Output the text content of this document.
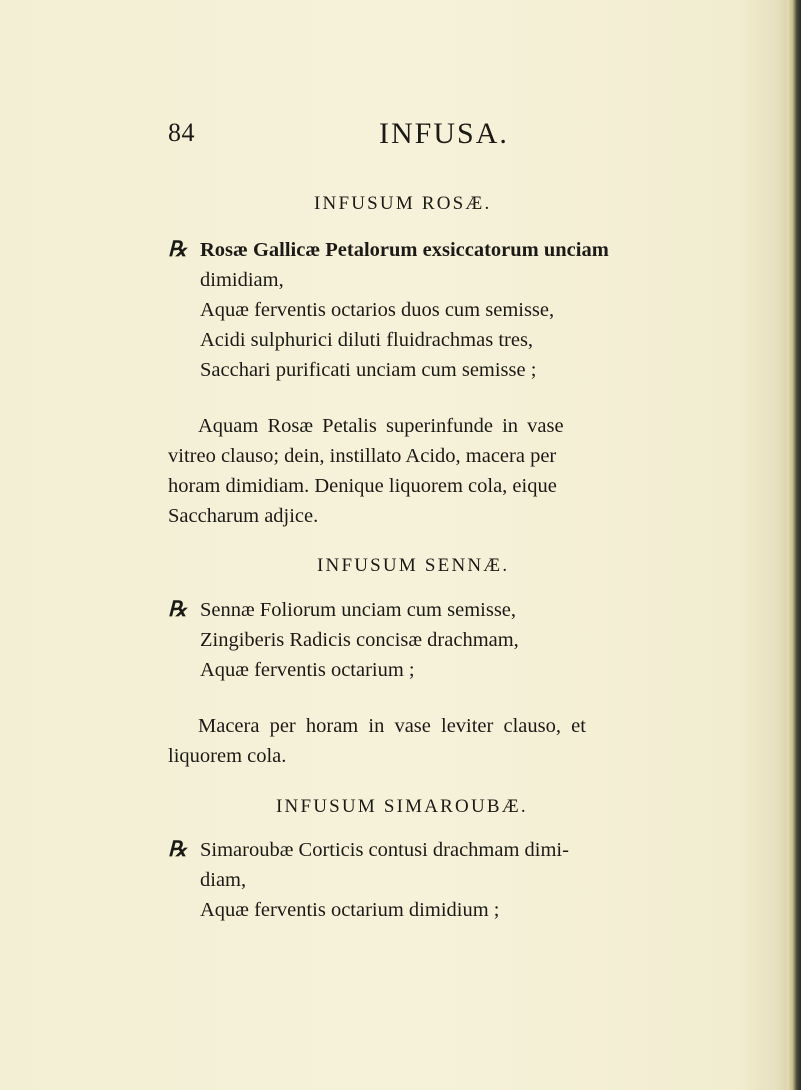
84	INFUSA.
INFUSUM ROSÆ.
℞ Rosæ Gallicæ Petalorum exsiccatorum unciam
dimidiam,
Aquæ ferventis octarios duos cum semisse,
Acidi sulphurici diluti fluidrachmas tres,
Sacchari purificati unciam cum semisse ;
Aquam Rosæ Petalis superinfunde in vase
vitreo clauso; dein, instillato Acido, macera per
horam dimidiam. Denique liquorem cola, eique
Saccharum adjice.
INFUSUM SENNÆ.
℞ Sennæ Foliorum unciam cum semisse,
Zingiberis Radicis concisæ drachmam,
Aquæ ferventis octarium ;
Macera per horam in vase leviter clauso, et
liquorem cola.
INFUSUM SIMAROUBÆ.
℞ Simaroubæ Corticis contusi drachmam dimi-
diam,
Aquæ ferventis octarium dimidium ;
